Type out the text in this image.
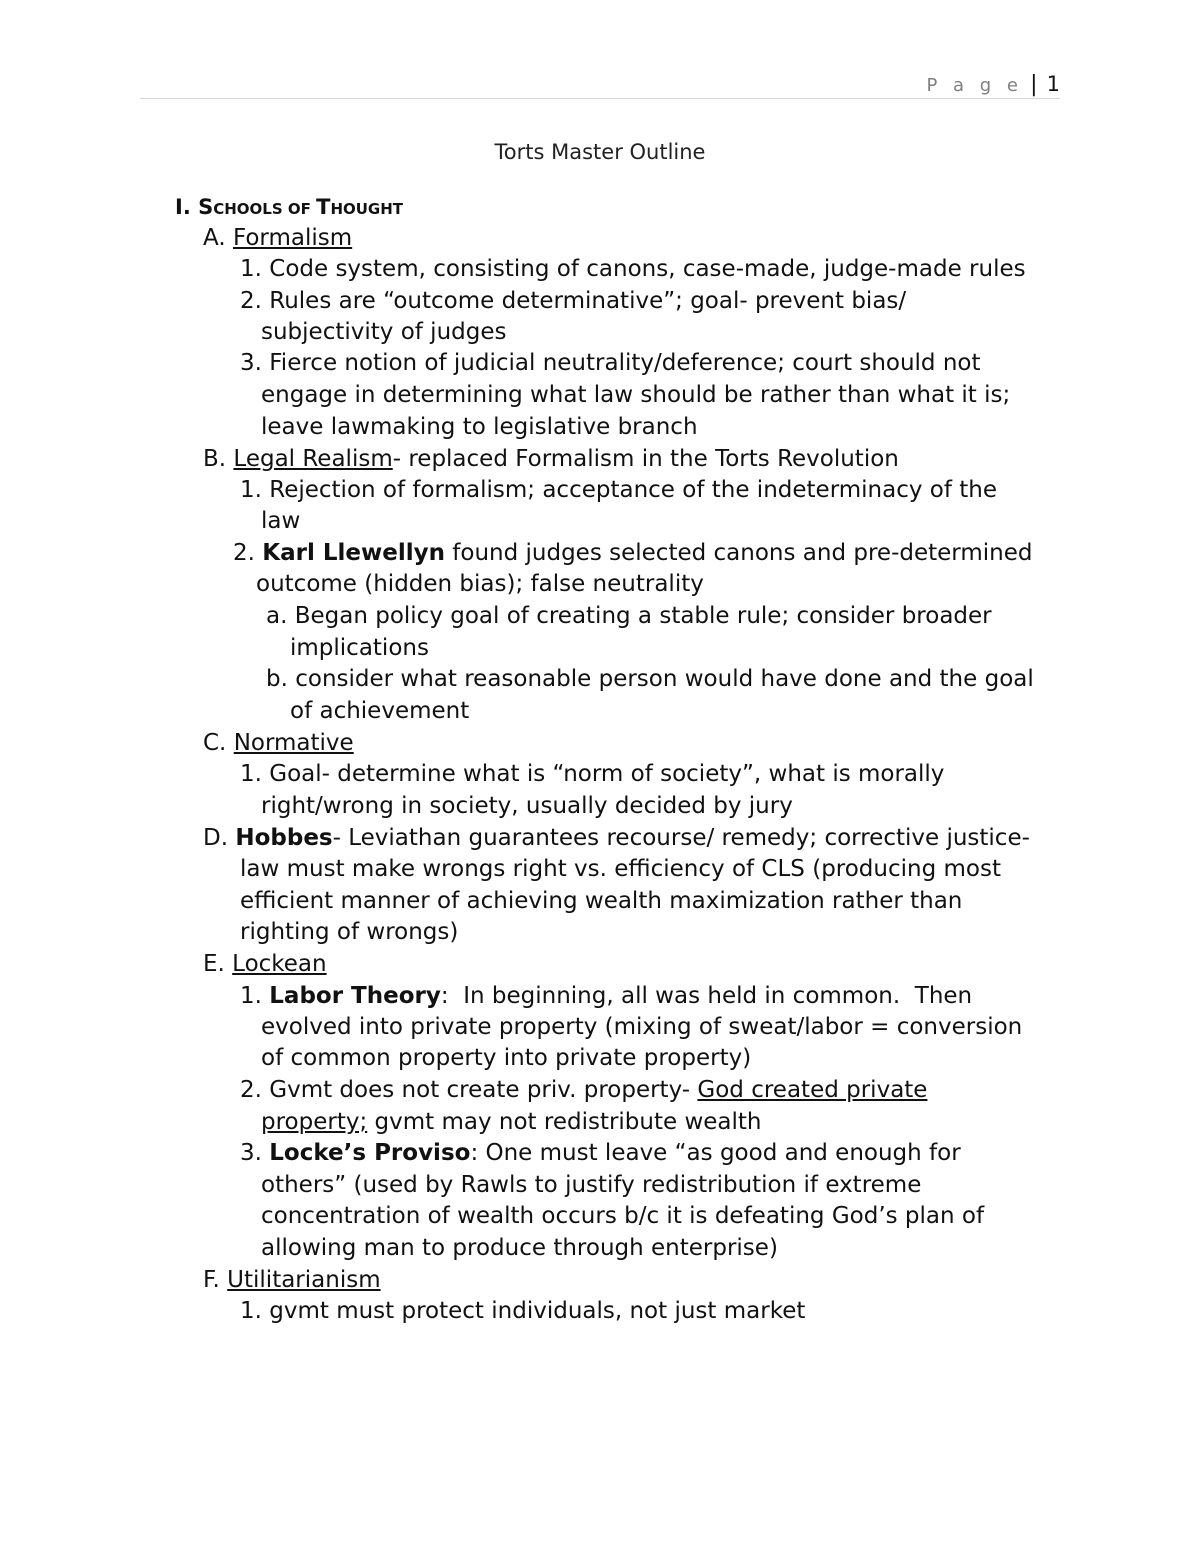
P a g e | 1
Torts Master Outline
I. SCHOOLS OF THOUGHT
A. Formalism
1. Code system, consisting of canons, case-made, judge-made rules
2. Rules are “outcome determinative”; goal- prevent bias/
subjectivity of judges
3. Fierce notion of judicial neutrality/deference; court should not
engage in determining what law should be rather than what it is;
leave lawmaking to legislative branch
B. Legal Realism- replaced Formalism in the Torts Revolution
1. Rejection of formalism; acceptance of the indeterminacy of the
law
2. Karl Llewellyn found judges selected canons and pre-determined
outcome (hidden bias); false neutrality
a. Began policy goal of creating a stable rule; consider broader
implications
b. consider what reasonable person would have done and the goal
of achievement
C. Normative
1. Goal- determine what is “norm of society”, what is morally
right/wrong in society, usually decided by jury
D. Hobbes- Leviathan guarantees recourse/ remedy; corrective justice-
law must make wrongs right vs. efficiency of CLS (producing most
efficient manner of achieving wealth maximization rather than
righting of wrongs)
E. Lockean
1. Labor Theory:  In beginning, all was held in common.  Then
evolved into private property (mixing of sweat/labor = conversion
of common property into private property)
2. Gvmt does not create priv. property- God created private
property; gvmt may not redistribute wealth
3. Locke’s Proviso: One must leave “as good and enough for
others” (used by Rawls to justify redistribution if extreme
concentration of wealth occurs b/c it is defeating God’s plan of
allowing man to produce through enterprise)
F. Utilitarianism
1. gvmt must protect individuals, not just market
